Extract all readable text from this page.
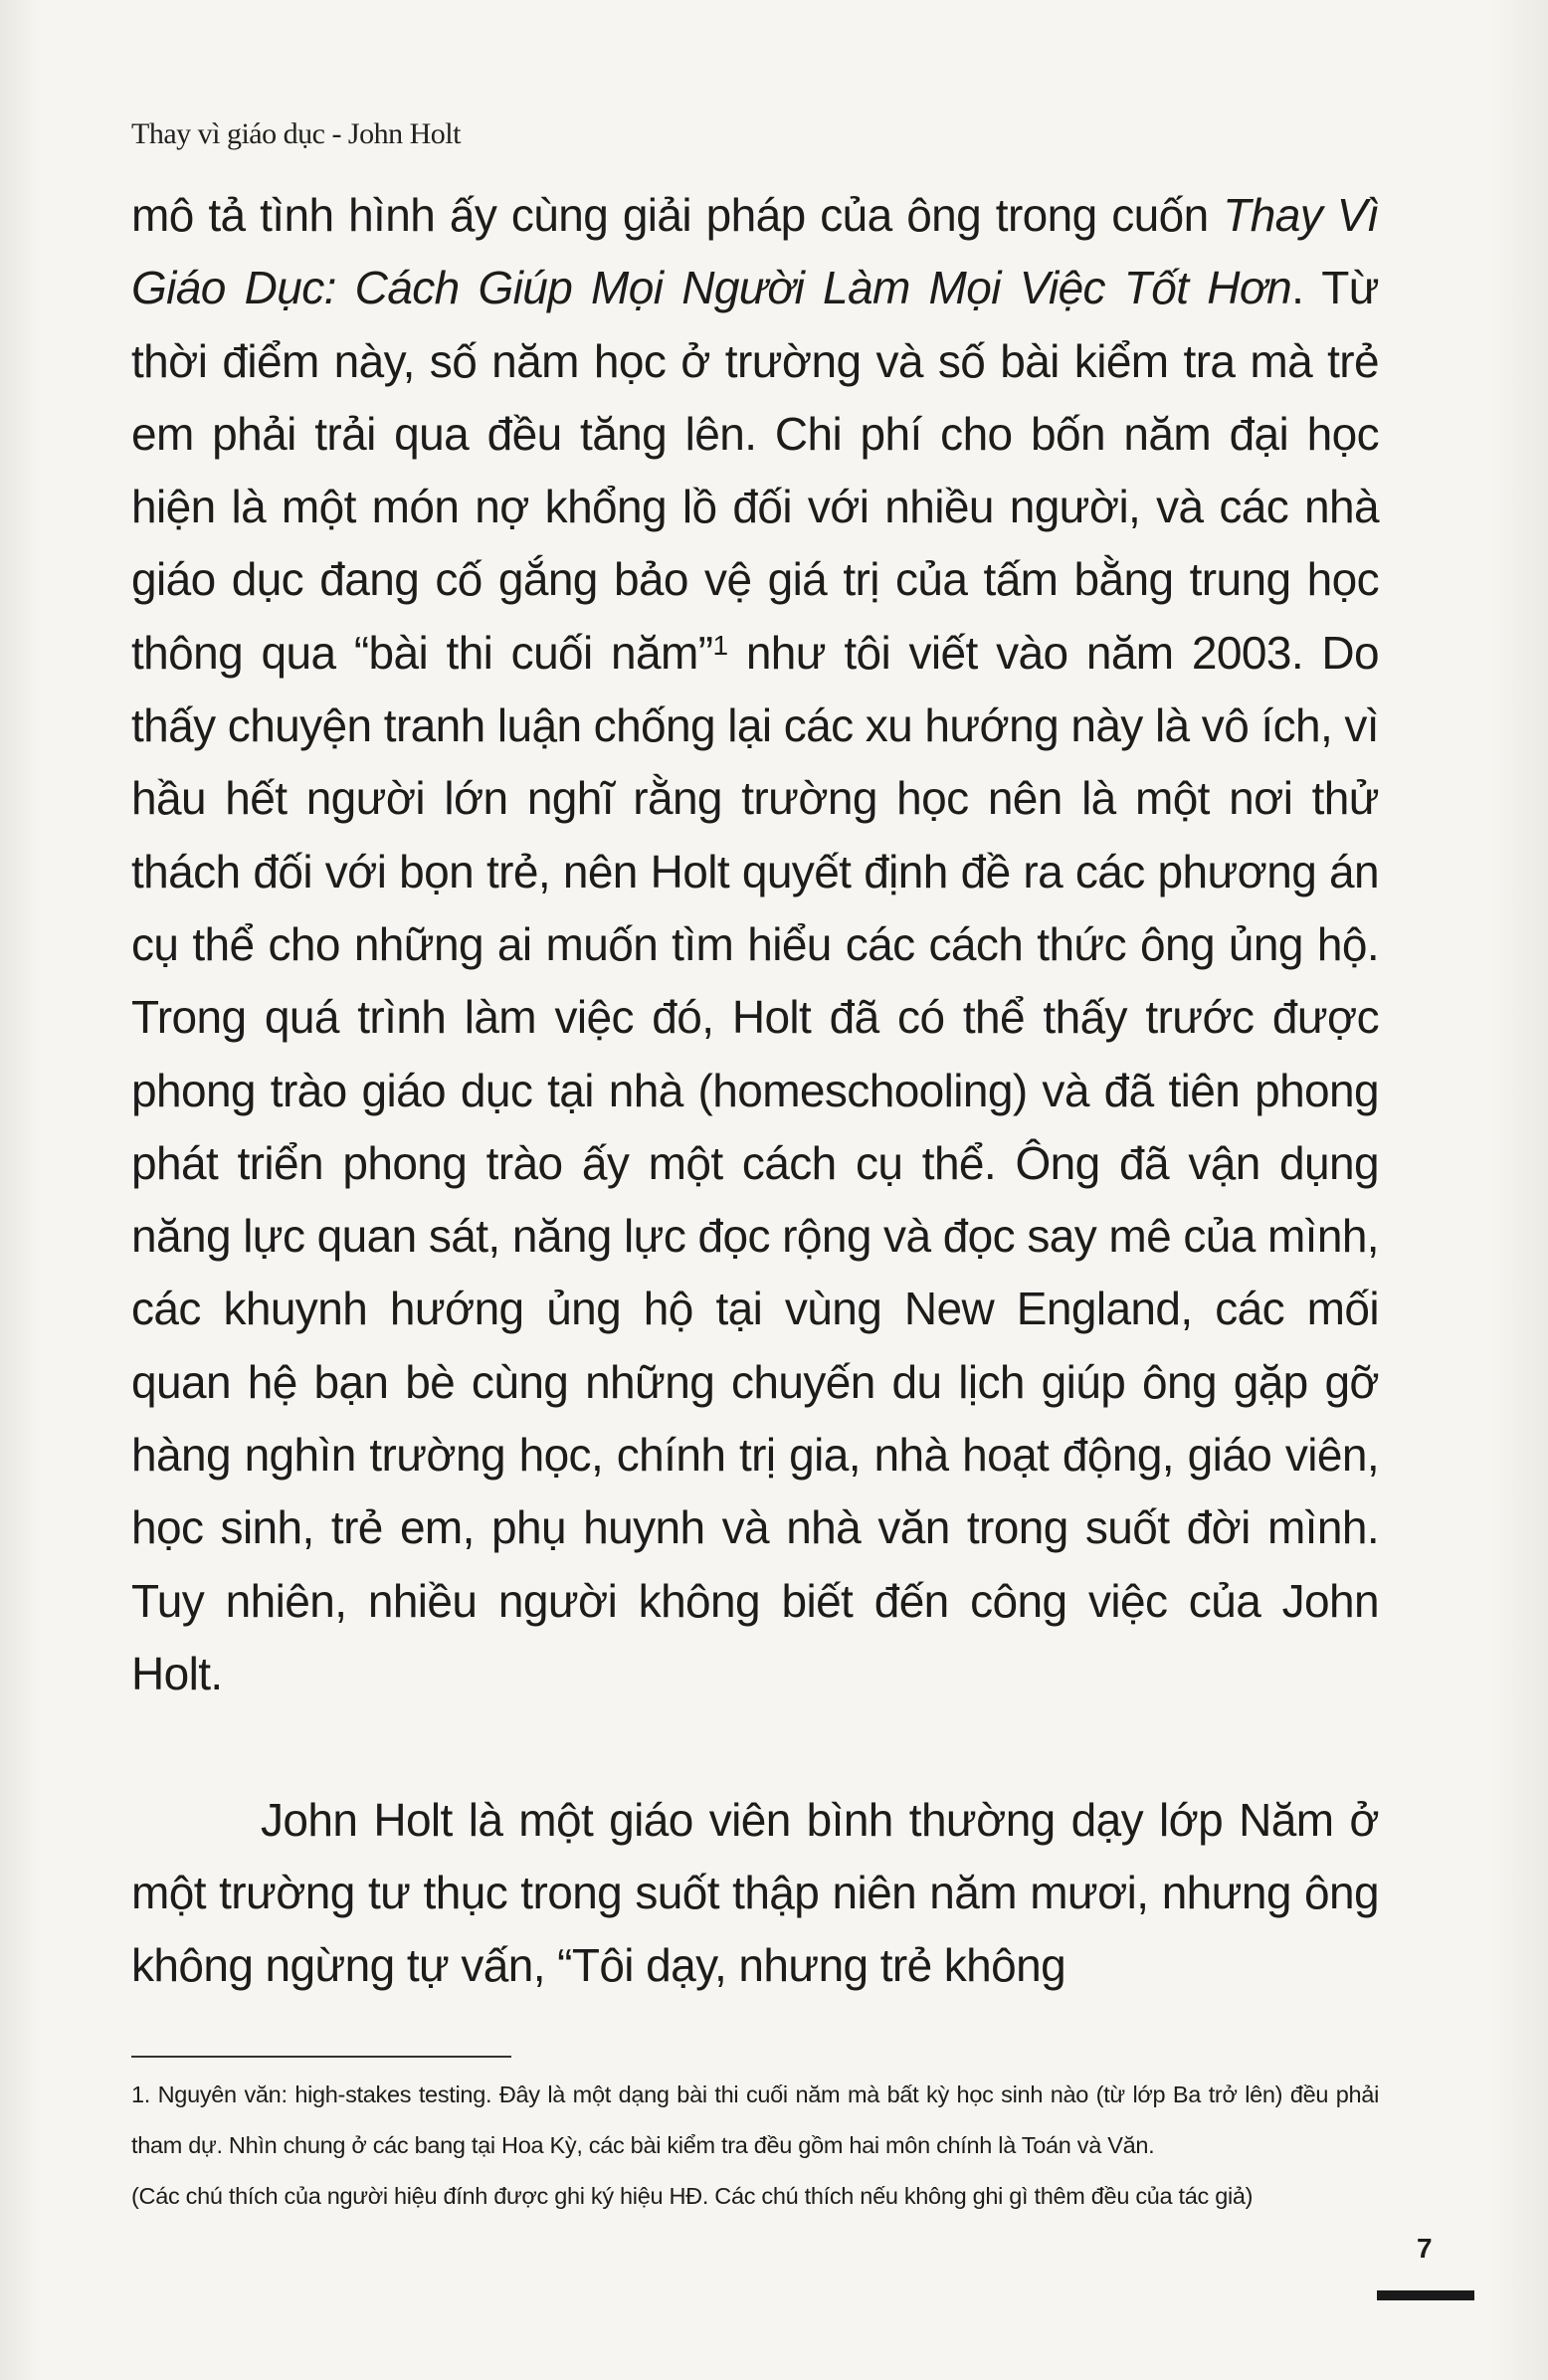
Thay vì giáo dục - John Holt

mô tả tình hình ấy cùng giải pháp của ông trong cuốn Thay Vì Giáo Dục: Cách Giúp Mọi Người Làm Mọi Việc Tốt Hơn. Từ thời điểm này, số năm học ở trường và số bài kiểm tra mà trẻ em phải trải qua đều tăng lên. Chi phí cho bốn năm đại học hiện là một món nợ khổng lồ đối với nhiều người, và các nhà giáo dục đang cố gắng bảo vệ giá trị của tấm bằng trung học thông qua “bài thi cuối năm”$^1$ như tôi viết vào năm 2003. Do thấy chuyện tranh luận chống lại các xu hướng này là vô ích, vì hầu hết người lớn nghĩ rằng trường học nên là một nơi thử thách đối với bọn trẻ, nên Holt quyết định đề ra các phương án cụ thể cho những ai muốn tìm hiểu các cách thức ông ủng hộ. Trong quá trình làm việc đó, Holt đã có thể thấy trước được phong trào giáo dục tại nhà (homeschooling) và đã tiên phong phát triển phong trào ấy một cách cụ thể. Ông đã vận dụng năng lực quan sát, năng lực đọc rộng và đọc say mê của mình, các khuynh hướng ủng hộ tại vùng New England, các mối quan hệ bạn bè cùng những chuyến du lịch giúp ông gặp gỡ hàng nghìn trường học, chính trị gia, nhà hoạt động, giáo viên, học sinh, trẻ em, phụ huynh và nhà văn trong suốt đời mình. Tuy nhiên, nhiều người không biết đến công việc của John Holt.

John Holt là một giáo viên bình thường dạy lớp Năm ở một trường tư thục trong suốt thập niên năm mươi, nhưng ông không ngừng tự vấn, “Tôi dạy, nhưng trẻ không

1. Nguyên văn: high-stakes testing. Đây là một dạng bài thi cuối năm mà bất kỳ học sinh nào (từ lớp Ba trở lên) đều phải tham dự. Nhìn chung ở các bang tại Hoa Kỳ, các bài kiểm tra đều gồm hai môn chính là Toán và Văn.
(Các chú thích của người hiệu đính được ghi ký hiệu HĐ. Các chú thích nếu không ghi gì thêm đều của tác giả)
7
